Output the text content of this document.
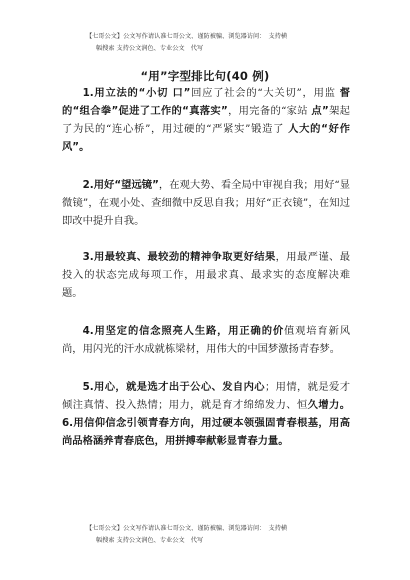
【七哥公文】公文写作请认准七哥公文、谨防被骗、浏览器访问：　支持横
幅搜索 支持公文润色、专业公文　代写
“用”字型排比句(40 例)
1.用立法的“小切 口”回应了社会的“大关切”，用监 督的“组合拳”促进了工作的“真落实”，用完备的“家站 点”架起了为民的“连心桥”，用过硬的“严紧实”锻造了 人大的“好作风”。
2.用好“望远镜”，在观大势、看全局中审视自我；用好“显微镜”，在观小处、查细微中反思自我；用好“正衣镜”，在知过即改中提升自我。
3.用最较真、最较劲的精神争取更好结果，用最严谨、最投入的状态完成每项工作，用最求真、最求实的态度解决难题。
4.用坚定的信念照亮人生路，用正确的价值观培育新风尚，用闪光的汗水成就栋梁材，用伟大的中国梦激扬青春梦。
5.用心，就是选才出于公心、发自内心；用情，就是爱才倾注真情、投入热情；用力，就是育才绵绵发力、恒久增力。6.用信仰信念引领青春方向，用过硬本领强固青春根基，用高尚品格涵养青春底色，用拼搏奉献彰显青春力量。
【七哥公文】公文写作请认准七哥公文、谨防被骗、浏览器访问：　支持横
幅搜索 支持公文润色、专业公文　代写
